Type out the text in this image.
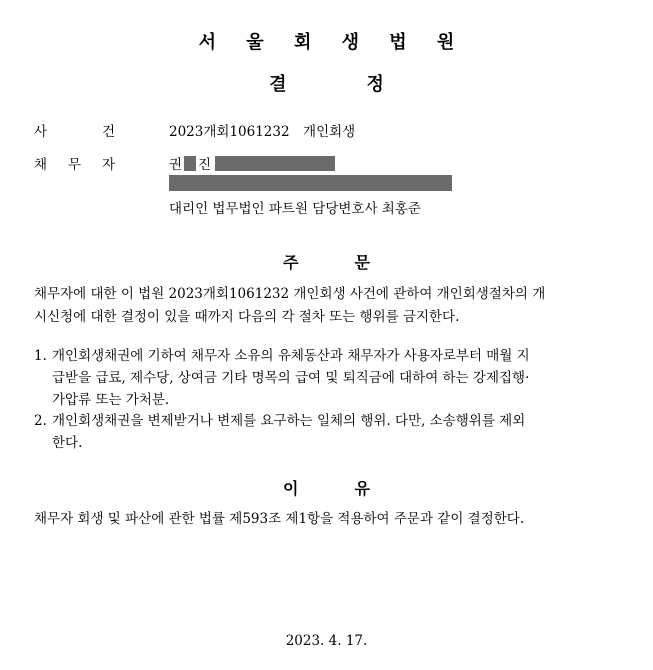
서 울 회 생 법 원
결	정
사	건	2023개회1061232　개인회생
채 무 자	권 진
대리인 법무법인 파트원 담당변호사 최홍준
주	문
채무자에 대한 이 법원 2023개회1061232 개인회생 사건에 관하여 개인회생절차의 개
시신청에 대한 결정이 있을 때까지 다음의 각 절차 또는 행위를 금지한다.
1. 개인회생채권에 기하여 채무자 소유의 유체동산과 채무자가 사용자로부터 매월 지
급받을 급료, 제수당, 상여금 기타 명목의 급여 및 퇴직금에 대하여 하는 강제집행·
가압류 또는 가처분.
2. 개인회생채권을 변제받거나 변제를 요구하는 일체의 행위. 다만, 소송행위를 제외
한다.
이	유
채무자 회생 및 파산에 관한 법률 제593조 제1항을 적용하여 주문과 같이 결정한다.
2023. 4. 17.
